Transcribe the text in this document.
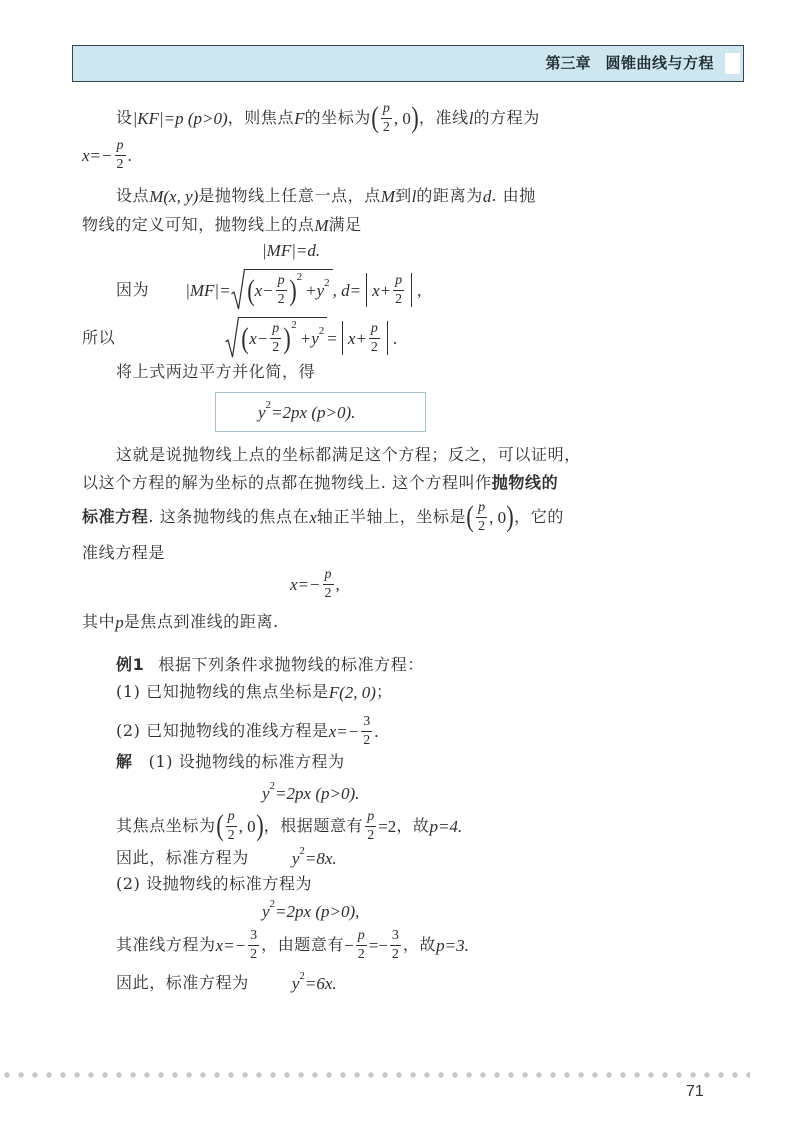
第三章 圆锥曲线与方程
设 |KF|=p (p>0) ，则焦点 F 的坐标为 ( $\frac{p}{2}$ , 0 ) ，准线 l 的方程为
$x=- \frac{p}{2}$ .
设点 M(x, y) 是抛物线上任意一点，点 M 到 l 的距离为 d . 由抛
物线的定义可知，抛物线上的点 M 满足
|MF|=d.
因为 |MF|= ( $x- \frac{p}{2}$ ) 2
+y 2 , $d= x+ \frac{p}{2}$ ,
所以	( $x- \frac{p}{2}$ ) 2
+y $2 = x+ \frac{p}{2}$ .
将上式两边平方并化简，得
y 2 =2px (p>0).
这就是说抛物线上点的坐标都满足这个方程；反之，可以证明，
以这个方程的解为坐标的点都在抛物线上. 这个方程叫作 抛物线的
标准方程 . 这条抛物线的焦点在 x 轴正半轴上，坐标是 ( $\frac{p}{2}$ , 0 ) ，它的
准线方程是
$x=- \frac{p}{2}$ ,
其中 p 是焦点到准线的距离.
例1 根据下列条件求抛物线的标准方程：
(1) 已知抛物线的焦点坐标是 F(2, 0) ；
(2) 已知抛物线的准线方程是 $x=- \frac{3}{2}$ .
解 (1) 设抛物线的标准方程为
y 2 =2px (p>0).
其焦点坐标为 ( $\frac{p}{2}$ , 0 ) ，根据题意有 $\frac{p}{2} =2$ ，故 p=4.
因此，标准方程为	y 2 =8x.
(2) 设抛物线的标准方程为
y 2 =2px (p>0),
其准线方程为 $x=- \frac{3}{2}$ ，由题意有 − $\frac{p}{2} =- \frac{3}{2}$ ，故 p=3.
因此，标准方程为	y 2 =6x.
71
